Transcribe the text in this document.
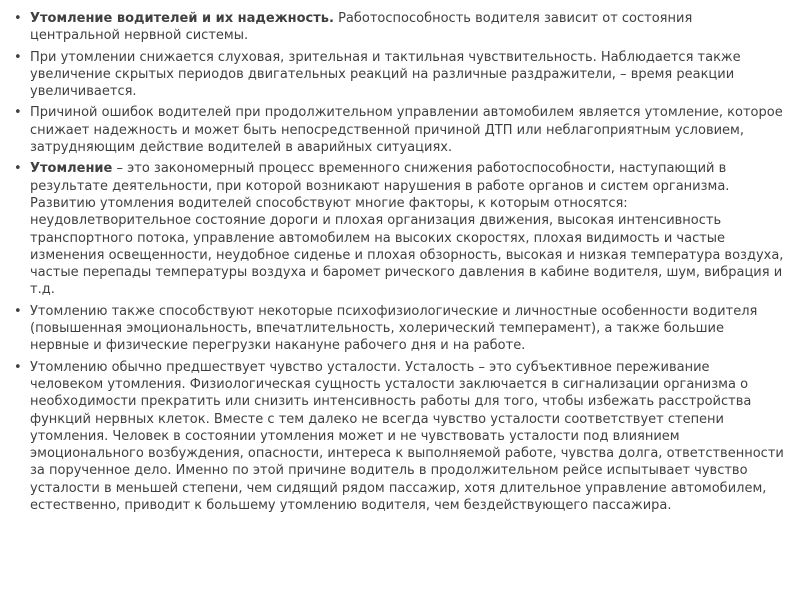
• Утомление водителей и их надежность. Работоспособность водителя зависит от состояния центральной нервной системы.
• При утомлении снижается слуховая, зрительная и тактильная чувствительность. Наблюдается также увеличение скрытых периодов двигательных реакций на различные раздражители, – время реакции увеличивается.
• Причиной ошибок водителей при продолжительном управлении автомобилем является утомление, которое снижает надежность и может быть непосредственной причиной ДТП или неблагоприятным условием, затрудняющим действие водителей в аварийных ситуациях.
• Утомление – это закономерный процесс временного снижения работоспособности, наступающий в результате деятельности, при которой возникают нарушения в работе органов и систем организма. Развитию утомления водителей способствуют многие факторы, к которым относятся: неудовлетворительное состояние дороги и плохая организация движения, высокая интенсивность транспортного потока, управление автомобилем на высоких скоростях, плохая видимость и частые изменения освещенности, неудобное сиденье и плохая обзорность, высокая и низкая температура воздуха, частые перепады температуры воздуха и баромет рического давления в кабине водителя, шум, вибрация и т.д.
• Утомлению также способствуют некоторые психофизиологические и личностные особенности водителя (повышенная эмоциональность, впечатлительность, холерический темперамент), а также большие нервные и физические перегрузки накануне рабочего дня и на работе.
• Утомлению обычно предшествует чувство усталости. Усталость – это субъективное переживание человеком утомления. Физиологическая сущность усталости заключается в сигнализации организма о необходимости прекратить или снизить интенсивность работы для того, чтобы избежать расстройства функций нервных клеток. Вместе с тем далеко не всегда чувство усталости соответствует степени утомления. Человек в состоянии утомления может и не чувствовать усталости под влиянием эмоционального возбуждения, опасности, интереса к выполняемой работе, чувства долга, ответственности за порученное дело. Именно по этой причине водитель в продолжительном рейсе испытывает чувство усталости в меньшей степени, чем сидящий рядом пассажир, хотя длительное управление автомобилем, естественно, приводит к большему утомлению водителя, чем бездействующего пассажира.
